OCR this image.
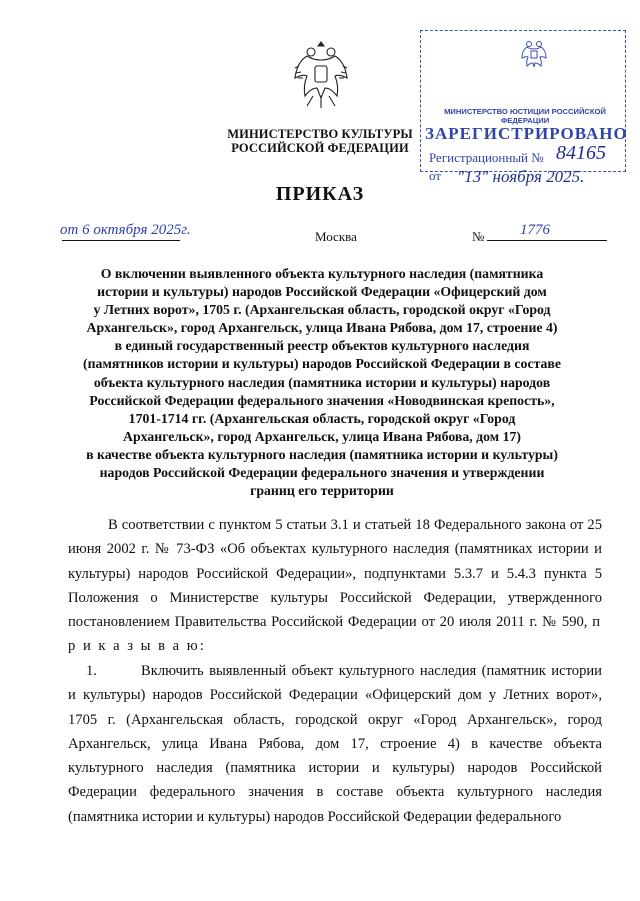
МИНИСТЕРСТВО КУЛЬТУРЫ
РОССИЙСКОЙ ФЕДЕРАЦИИ
МИНИСТЕРСТВО ЮСТИЦИИ РОССИЙСКОЙ ФЕДЕРАЦИИ
ЗАРЕГИСТРИРОВАНО
Регистрационный № 84165
от "13" ноября 2025.
ПРИКАЗ
от 6 октября 2025г.	Москва	№ 1776
О включении выявленного объекта культурного наследия (памятника
истории и культуры) народов Российской Федерации «Офицерский дом
у Летних ворот», 1705 г. (Архангельская область, городской округ «Город
Архангельск», город Архангельск, улица Ивана Рябова, дом 17, строение 4)
в единый государственный реестр объектов культурного наследия
(памятников истории и культуры) народов Российской Федерации в составе
объекта культурного наследия (памятника истории и культуры) народов
Российской Федерации федерального значения «Новодвинская крепость»,
1701-1714 гг. (Архангельская область, городской округ «Город
Архангельск», город Архангельск, улица Ивана Рябова, дом 17)
в качестве объекта культурного наследия (памятника истории и культуры)
народов Российской Федерации федерального значения и утверждении
границ его территории
В соответствии с пунктом 5 статьи 3.1 и статьей 18 Федерального закона от 25 июня 2002 г. № 73-ФЗ «Об объектах культурного наследия (памятниках истории и культуры) народов Российской Федерации», подпунктами 5.3.7 и 5.4.3 пункта 5 Положения о Министерстве культуры Российской Федерации, утвержденного постановлением Правительства Российской Федерации от 20 июля 2011 г. № 590, п р и к а з ы в а ю:
1.	Включить выявленный объект культурного наследия (памятник истории и культуры) народов Российской Федерации «Офицерский дом у Летних ворот», 1705 г. (Архангельская область, городской округ «Город Архангельск», город Архангельск, улица Ивана Рябова, дом 17, строение 4) в качестве объекта культурного наследия (памятника истории и культуры) народов Российской Федерации федерального значения в составе объекта культурного наследия (памятника истории и культуры) народов Российской Федерации федерального
